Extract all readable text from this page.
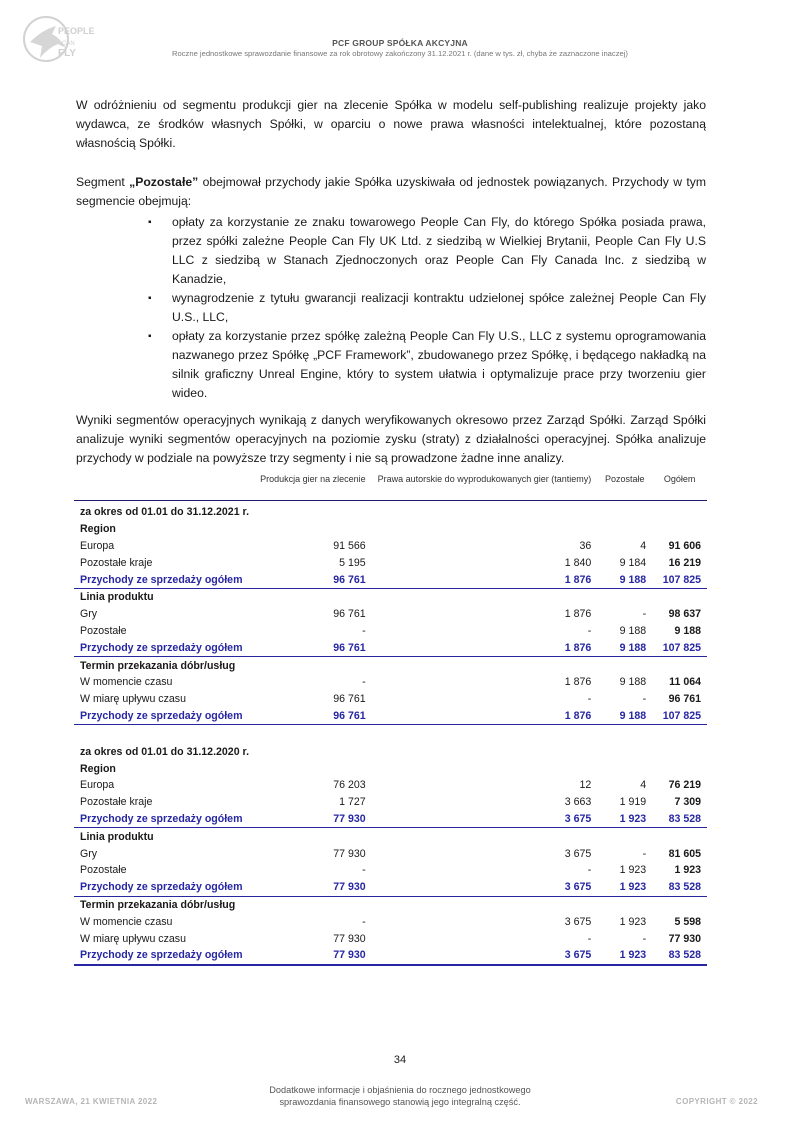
PEOPLE
CAN
FLY
PCF GROUP SPÓŁKA AKCYJNA
Roczne jednostkowe sprawozdanie finansowe za rok obrotowy zakończony 31.12.2021 r. (dane w tys. zł, chyba że zaznaczone inaczej)

W odróżnieniu od segmentu produkcji gier na zlecenie Spółka w modelu self-publishing realizuje projekty jako wydawca, ze środków własnych Spółki, w oparciu o nowe prawa własności intelektualnej, które pozostaną własnością Spółki.

Segment „Pozostałe” obejmował przychody jakie Spółka uzyskiwała od jednostek powiązanych. Przychody w tym segmencie obejmują:

▪ opłaty za korzystanie ze znaku towarowego People Can Fly, do którego Spółka posiada prawa, przez spółki zależne People Can Fly UK Ltd. z siedzibą w Wielkiej Brytanii, People Can Fly U.S LLC z siedzibą w Stanach Zjednoczonych oraz People Can Fly Canada Inc. z siedzibą w Kanadzie,
▪ wynagrodzenie z tytułu gwarancji realizacji kontraktu udzielonej spółce zależnej People Can Fly U.S., LLC,
▪ opłaty za korzystanie przez spółkę zależną People Can Fly U.S., LLC z systemu oprogramowania nazwanego przez Spółkę „PCF Framework”, zbudowanego przez Spółkę, i będącego nakładką na silnik graficzny Unreal Engine, który to system ułatwia i optymalizuje prace przy tworzeniu gier wideo.

Wyniki segmentów operacyjnych wynikają z danych weryfikowanych okresowo przez Zarząd Spółki. Zarząd Spółki analizuje wyniki segmentów operacyjnych na poziomie zysku (straty) z działalności operacyjnej. Spółka analizuje przychody w podziale na powyższe trzy segmenty i nie są prowadzone żadne inne analizy.

	Produkcja gier na zlecenie	Prawa autorskie do wyprodukowanych gier (tantiemy)	Pozostałe	Ogółem

za okres od 01.01 do 31.12.2021 r.				
Region				
Europa	91 566	36	4	91 606
Pozostałe kraje	5 195	1 840	9 184	16 219
Przychody ze sprzedaży ogółem	96 761	1 876	9 188	107 825
Linia produktu				
Gry	96 761	1 876	-	98 637
Pozostałe	-	-	9 188	9 188
Przychody ze sprzedaży ogółem	96 761	1 876	9 188	107 825
Termin przekazania dóbr/usług				
W momencie czasu	-	1 876	9 188	11 064
W miarę upływu czasu	96 761	-	-	96 761
Przychody ze sprzedaży ogółem	96 761	1 876	9 188	107 825

za okres od 01.01 do 31.12.2020 r.				
Region				
Europa	76 203	12	4	76 219
Pozostałe kraje	1 727	3 663	1 919	7 309
Przychody ze sprzedaży ogółem	77 930	3 675	1 923	83 528
Linia produktu				
Gry	77 930	3 675	-	81 605
Pozostałe	-	-	1 923	1 923
Przychody ze sprzedaży ogółem	77 930	3 675	1 923	83 528
Termin przekazania dóbr/usług				
W momencie czasu	-	3 675	1 923	5 598
W miarę upływu czasu	77 930	-	-	77 930
Przychody ze sprzedaży ogółem	77 930	3 675	1 923	83 528
34
WARSZAWA, 21 KWIETNIA 2022
Dodatkowe informacje i objaśnienia do rocznego jednostkowego
sprawozdania finansowego stanowią jego integralną część.	COPYRIGHT © 2022
